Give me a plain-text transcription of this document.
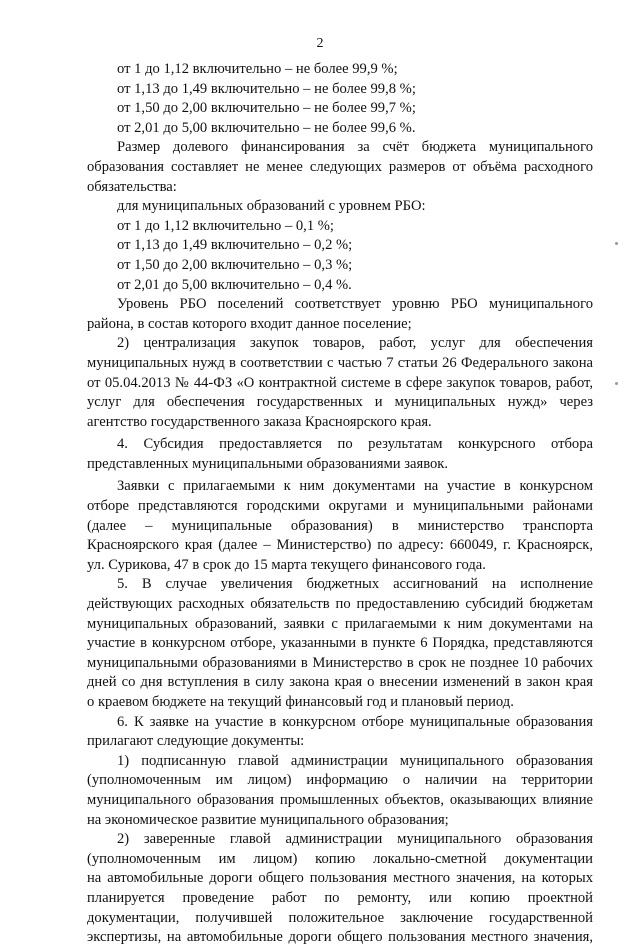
2
от 1 до 1,12 включительно – не более 99,9 %;
от 1,13 до 1,49 включительно – не более 99,8 %;
от 1,50 до 2,00 включительно – не более 99,7 %;
от 2,01 до 5,00 включительно – не более 99,6 %.
Размер долевого финансирования за счёт бюджета муниципального
образования составляет не менее следующих размеров от объёма расходного
обязательства:
для муниципальных образований с уровнем РБО:
от 1 до 1,12 включительно – 0,1 %;
от 1,13 до 1,49 включительно – 0,2 %;
от 1,50 до 2,00 включительно – 0,3 %;
от 2,01 до 5,00 включительно – 0,4 %.
Уровень РБО поселений соответствует уровню РБО муниципального
района, в состав которого входит данное поселение;
2) централизация закупок товаров, работ, услуг для обеспечения
муниципальных нужд в соответствии с частью 7 статьи 26 Федерального закона
от 05.04.2013 № 44-ФЗ «О контрактной системе в сфере закупок товаров, работ,
услуг для обеспечения государственных и муниципальных нужд» через
агентство государственного заказа Красноярского края.
4. Субсидия предоставляется по результатам конкурсного отбора
представленных муниципальными образованиями заявок.
Заявки с прилагаемыми к ним документами на участие в конкурсном
отборе представляются городскими округами и муниципальными районами
(далее – муниципальные образования) в министерство транспорта
Красноярского края (далее – Министерство) по адресу: 660049, г. Красноярск,
ул. Сурикова, 47 в срок до 15 марта текущего финансового года.
5. В случае увеличения бюджетных ассигнований на исполнение
действующих расходных обязательств по предоставлению субсидий бюджетам
муниципальных образований, заявки с прилагаемыми к ним документами на
участие в конкурсном отборе, указанными в пункте 6 Порядка, представляются
муниципальными образованиями в Министерство в срок не позднее 10 рабочих
дней со дня вступления в силу закона края о внесении изменений в закон края
о краевом бюджете на текущий финансовый год и плановый период.
6. К заявке на участие в конкурсном отборе муниципальные образования
прилагают следующие документы:
1) подписанную главой администрации муниципального образования
(уполномоченным им лицом) информацию о наличии на территории
муниципального образования промышленных объектов, оказывающих влияние
на экономическое развитие муниципального образования;
2) заверенные главой администрации муниципального образования
(уполномоченным им лицом) копию локально-сметной документации
на автомобильные дороги общего пользования местного значения, на которых
планируется проведение работ по ремонту, или копию проектной
документации, получившей положительное заключение государственной
экспертизы, на автомобильные дороги общего пользования местного значения,
